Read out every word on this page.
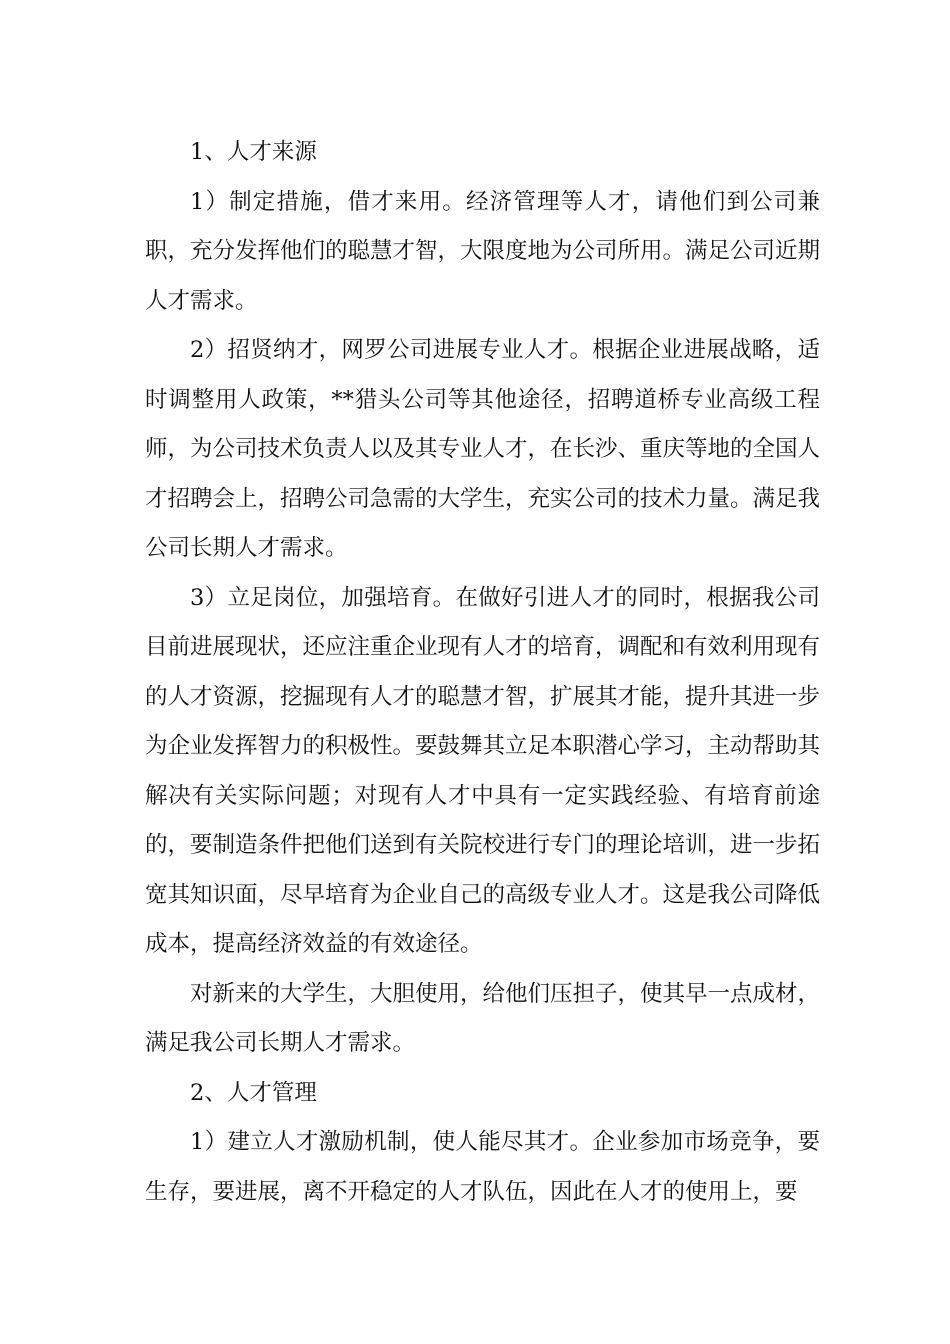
1、人才来源

1）制定措施，借才来用。经济管理等人才，请他们到公司兼职，充分发挥他们的聪慧才智，大限度地为公司所用。满足公司近期人才需求。

2）招贤纳才，网罗公司进展专业人才。根据企业进展战略，适时调整用人政策，**猎头公司等其他途径，招聘道桥专业高级工程师，为公司技术负责人以及其专业人才，在长沙、重庆等地的全国人才招聘会上，招聘公司急需的大学生，充实公司的技术力量。满足我公司长期人才需求。

3）立足岗位，加强培育。在做好引进人才的同时，根据我公司目前进展现状，还应注重企业现有人才的培育，调配和有效利用现有的人才资源，挖掘现有人才的聪慧才智，扩展其才能，提升其进一步为企业发挥智力的积极性。要鼓舞其立足本职潜心学习，主动帮助其解决有关实际问题；对现有人才中具有一定实践经验、有培育前途的，要制造条件把他们送到有关院校进行专门的理论培训，进一步拓宽其知识面，尽早培育为企业自己的高级专业人才。这是我公司降低成本，提高经济效益的有效途径。

对新来的大学生，大胆使用，给他们压担子，使其早一点成材，满足我公司长期人才需求。

2、人才管理

1）建立人才激励机制，使人能尽其才。企业参加市场竞争，要生存，要进展，离不开稳定的人才队伍，因此在人才的使用上，要
